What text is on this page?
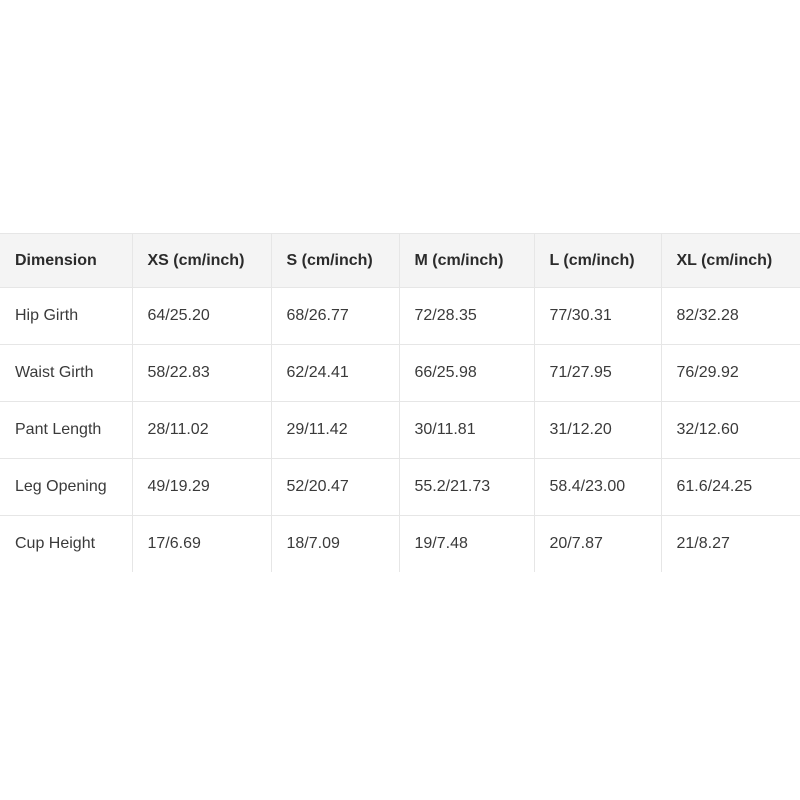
Dimension	XS (cm/inch)	S (cm/inch)	M (cm/inch)	L (cm/inch)	XL (cm/inch)
Hip Girth	64/25.20	68/26.77	72/28.35	77/30.31	82/32.28
Waist Girth	58/22.83	62/24.41	66/25.98	71/27.95	76/29.92
Pant Length	28/11.02	29/11.42	30/11.81	31/12.20	32/12.60
Leg Opening	49/19.29	52/20.47	55.2/21.73	58.4/23.00	61.6/24.25
Cup Height	17/6.69	18/7.09	19/7.48	20/7.87	21/8.27
